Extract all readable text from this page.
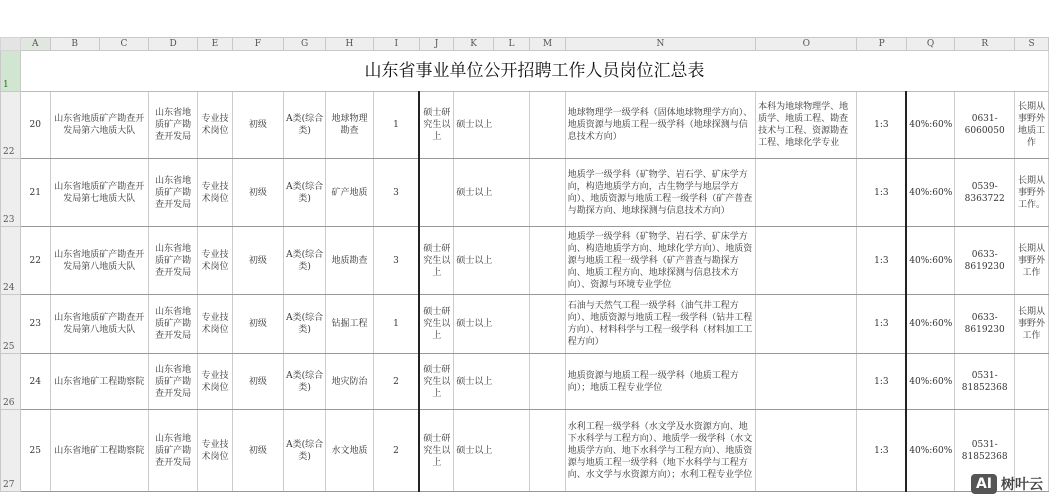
	A	B	C	D	E	F	G	H	I	J	K	L	M	N	O	P	Q	R	S
1	山东省事业单位公开招聘工作人员岗位汇总表																		
22	20	山东省地质矿产勘查开发局第六地质大队		山东省地质矿产勘查开发局	专业技术岗位	初级	A类(综合类)	地球物理勘查	1	硕士研究生以上	硕士以上			地球物理学一级学科（固体地球物理学方向）、地质资源与地质工程一级学科（地球探测与信息技术方向）	本科为地球物理学、地质学、地质工程、勘查技术与工程、资源勘查工程、地球化学专业	1:3	40%:60%	0631-6060050	长期从事野外地质工作
23	21	山东省地质矿产勘查开发局第七地质大队		山东省地质矿产勘查开发局	专业技术岗位	初级	A类(综合类)	矿产地质	3		硕士以上			地质学一级学科（矿物学、岩石学、矿床学方向，构造地质学方向，古生物学与地层学方向）、地质资源与地质工程一级学科（矿产普查与勘探方向、地球探测与信息技术方向）		1:3	40%:60%	0539-8363722	长期从事野外工作。
24	22	山东省地质矿产勘查开发局第八地质大队		山东省地质矿产勘查开发局	专业技术岗位	初级	A类(综合类)	地质勘查	3	硕士研究生以上	硕士以上			地质学一级学科（矿物学、岩石学、矿床学方向、构造地质学方向、地球化学方向）、地质资源与地质工程一级学科（矿产普查与勘探方向、地质工程方向、地球探测与信息技术方向）、资源与环境专业学位		1:3	40%:60%	0633-8619230	长期从事野外工作
25	23	山东省地质矿产勘查开发局第八地质大队		山东省地质矿产勘查开发局	专业技术岗位	初级	A类(综合类)	钻掘工程	1	硕士研究生以上	硕士以上			石油与天然气工程一级学科（油气井工程方向）、地质资源与地质工程一级学科（钻井工程方向）、材料科学与工程一级学科（材料加工工程方向）		1:3	40%:60%	0633-8619230	长期从事野外工作
26	24	山东省地矿工程勘察院		山东省地质矿产勘查开发局	专业技术岗位	初级	A类(综合类)	地灾防治	2	硕士研究生以上	硕士以上			地质资源与地质工程一级学科（地质工程方向）；地质工程专业学位		1:3	40%:60%	0531-81852368	
27	25	山东省地矿工程勘察院		山东省地质矿产勘查开发局	专业技术岗位	初级	A类(综合类)	水文地质	2	硕士研究生以上	硕士以上			水利工程一级学科（水文学及水资源方向、地下水科学与工程方向）、地质学一级学科（水文地质学方向、地下水科学与工程方向）、地质资源与地质工程一级学科（地下水科学与工程方向、水文学与水资源方向）；水利工程专业学位		1:3	40%:60%	0531-81852368	
AI 树叶云
